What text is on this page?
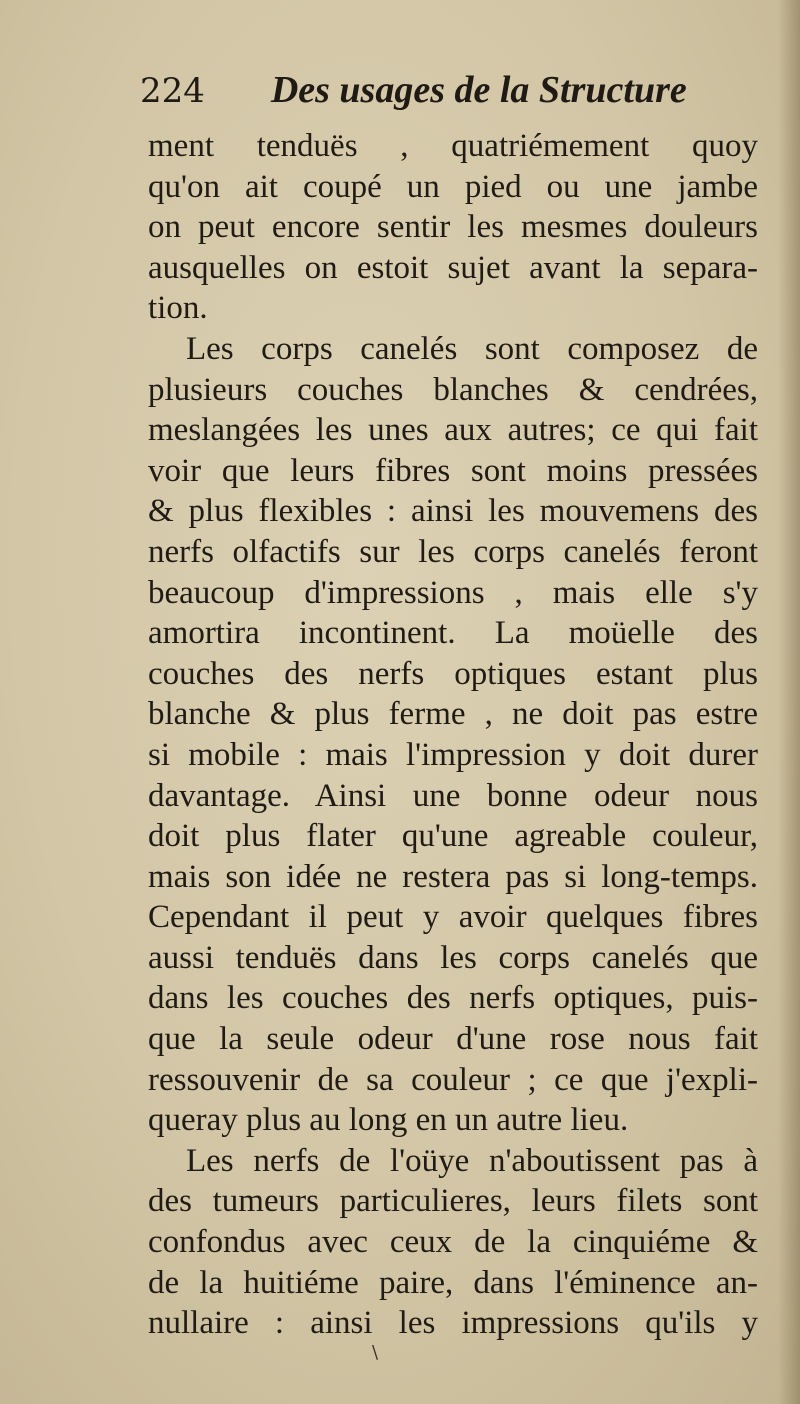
224 Des usages de la Structure
ment tenduës , quatriémement quoy
qu'on ait coupé un pied ou une jambe
on peut encore sentir les mesmes douleurs
ausquelles on estoit sujet avant la separa-
tion.
Les corps canelés sont composez de
plusieurs couches blanches & cendrées,
meslangées les unes aux autres; ce qui fait
voir que leurs fibres sont moins pressées
& plus flexibles : ainsi les mouvemens des
nerfs olfactifs sur les corps canelés feront
beaucoup d'impressions , mais elle s'y
amortira incontinent. La moüelle des
couches des nerfs optiques estant plus
blanche & plus ferme , ne doit pas estre
si mobile : mais l'impression y doit durer
davantage. Ainsi une bonne odeur nous
doit plus flater qu'une agreable couleur,
mais son idée ne restera pas si long-temps.
Cependant il peut y avoir quelques fibres
aussi tenduës dans les corps canelés que
dans les couches des nerfs optiques, puis-
que la seule odeur d'une rose nous fait
ressouvenir de sa couleur ; ce que j'expli-
queray plus au long en un autre lieu.
Les nerfs de l'oüye n'aboutissent pas à
des tumeurs particulieres, leurs filets sont
confondus avec ceux de la cinquiéme &
de la huitiéme paire, dans l'éminence an-
nullaire : ainsi les impressions qu'ils y
\
